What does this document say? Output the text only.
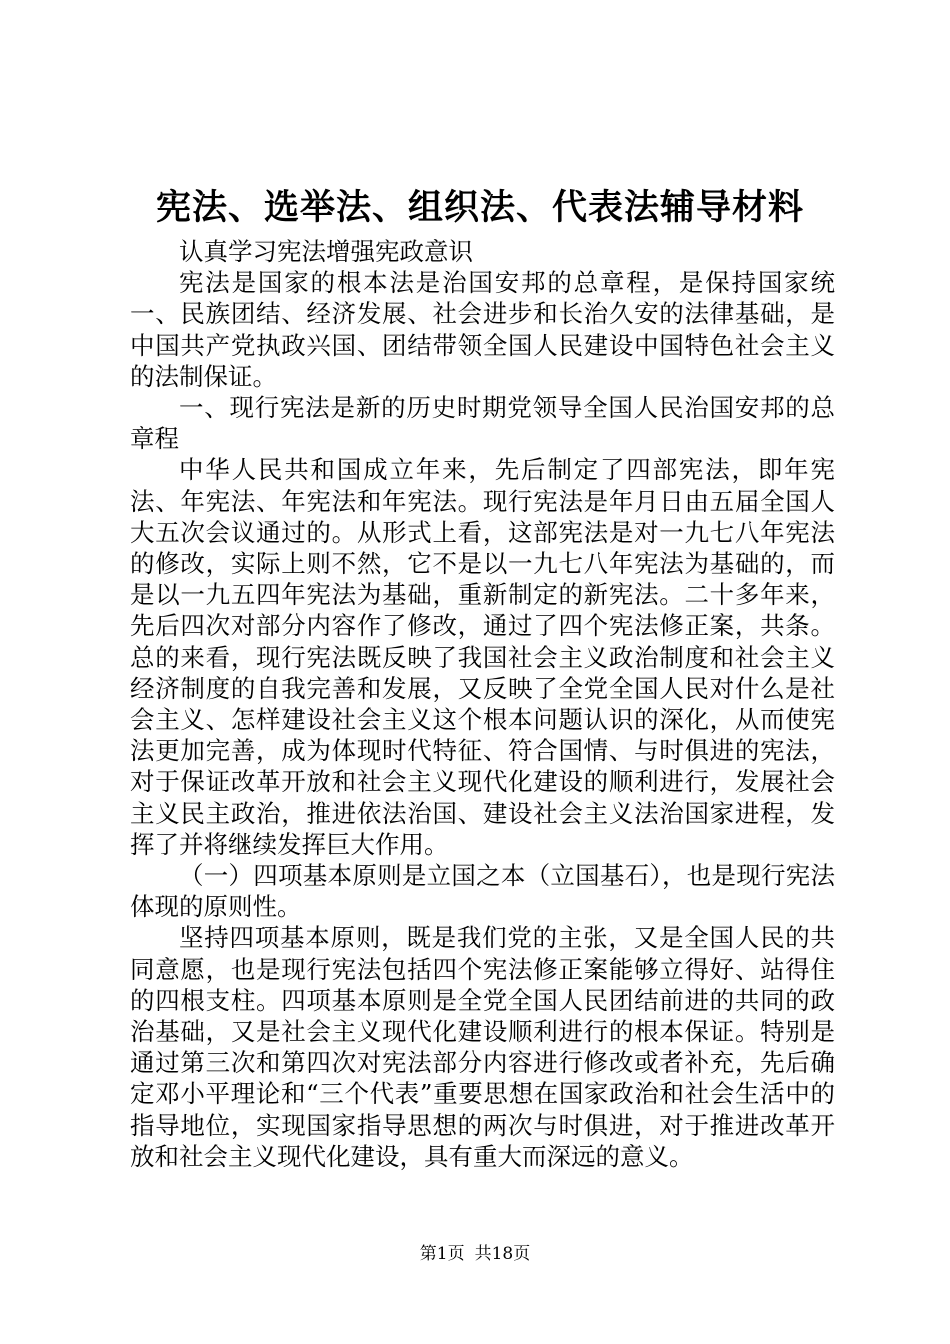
宪法、选举法、组织法、代表法辅导材料

认真学习宪法增强宪政意识

宪法是国家的根本法是治国安邦的总章程，是保持国家统一、民族团结、经济发展、社会进步和长治久安的法律基础，是中国共产党执政兴国、团结带领全国人民建设中国特色社会主义的法制保证。

一、现行宪法是新的历史时期党领导全国人民治国安邦的总章程

中华人民共和国成立年来，先后制定了四部宪法，即年宪法、年宪法、年宪法和年宪法。现行宪法是年月日由五届全国人大五次会议通过的。从形式上看，这部宪法是对一九七八年宪法的修改，实际上则不然，它不是以一九七八年宪法为基础的，而是以一九五四年宪法为基础，重新制定的新宪法。二十多年来，先后四次对部分内容作了修改，通过了四个宪法修正案，共条。总的来看，现行宪法既反映了我国社会主义政治制度和社会主义经济制度的自我完善和发展，又反映了全党全国人民对什么是社会主义、怎样建设社会主义这个根本问题认识的深化，从而使宪法更加完善，成为体现时代特征、符合国情、与时俱进的宪法，对于保证改革开放和社会主义现代化建设的顺利进行，发展社会主义民主政治，推进依法治国、建设社会主义法治国家进程，发挥了并将继续发挥巨大作用。

（一）四项基本原则是立国之本（立国基石），也是现行宪法体现的原则性。

坚持四项基本原则，既是我们党的主张，又是全国人民的共同意愿，也是现行宪法包括四个宪法修正案能够立得好、站得住的四根支柱。四项基本原则是全党全国人民团结前进的共同的政治基础，又是社会主义现代化建设顺利进行的根本保证。特别是通过第三次和第四次对宪法部分内容进行修改或者补充，先后确定邓小平理论和“三个代表”重要思想在国家政治和社会生活中的指导地位，实现国家指导思想的两次与时俱进，对于推进改革开放和社会主义现代化建设，具有重大而深远的意义。

第1页 共18页
